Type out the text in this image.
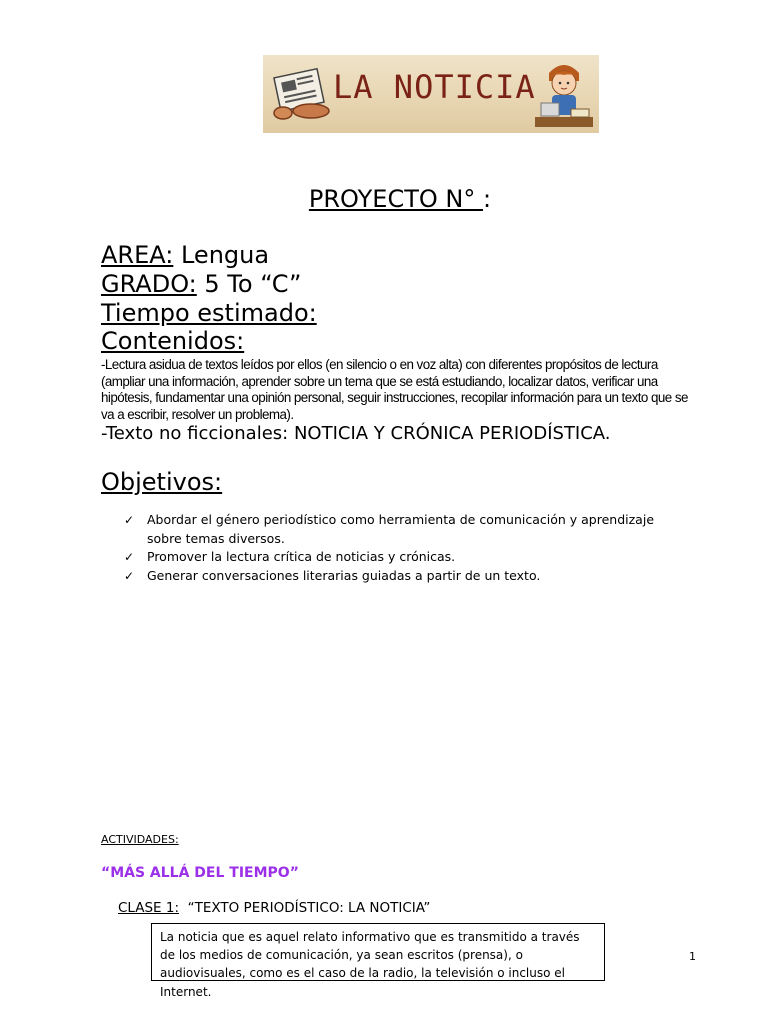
LA NOTICIA
PROYECTO N° :
AREA: Lengua
GRADO: 5 To “C”
Tiempo estimado:
Contenidos:
-Lectura asidua de textos leídos por ellos (en silencio o en voz alta) con diferentes propósitos de lectura (ampliar una información, aprender sobre un tema que se está estudiando, localizar datos, verificar una hipótesis, fundamentar una opinión personal, seguir instrucciones, recopilar información para un texto que se va a escribir, resolver un problema).
-Texto no ficcionales: NOTICIA Y CRÓNICA PERIODÍSTICA.
Objetivos:
✓ Abordar el género periodístico como herramienta de comunicación y aprendizaje sobre temas diversos.
✓ Promover la lectura crítica de noticias y crónicas.
✓ Generar conversaciones literarias guiadas a partir de un texto.
ACTIVIDADES:
“MÁS ALLÁ DEL TIEMPO”
CLASE 1:  “TEXTO PERIODÍSTICO: LA NOTICIA”
La noticia que es aquel relato informativo que es transmitido a través de los medios de comunicación, ya sean escritos (prensa), o audiovisuales, como es el caso de la radio, la televisión o incluso el Internet.
1
